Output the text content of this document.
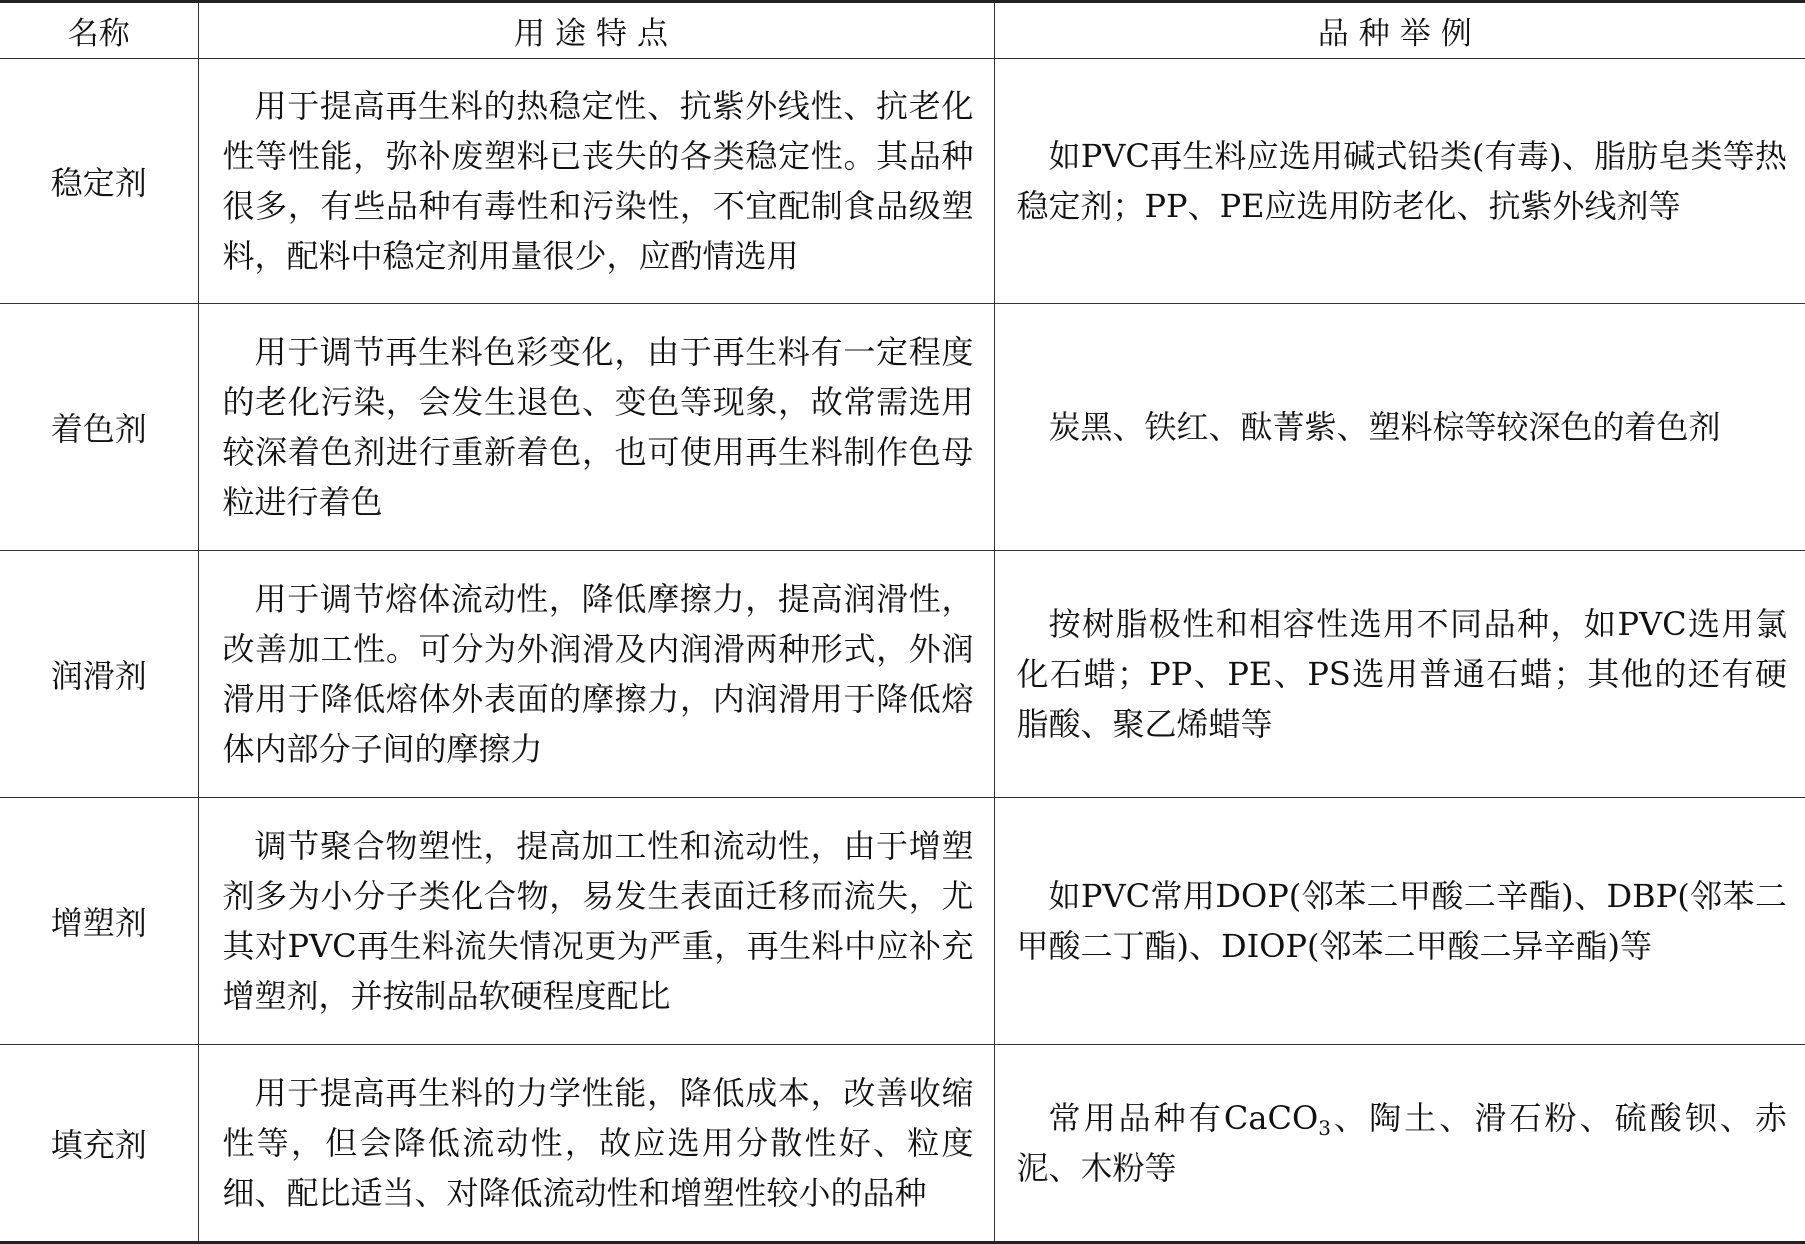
名称	用途特点	品种举例
稳定剂	用于提高再生料的热稳定性、抗紫外线性、抗老化性等性能，弥补废塑料已丧失的各类稳定性。其品种很多，有些品种有毒性和污染性，不宜配制食品级塑料，配料中稳定剂用量很少，应酌情选用	如PVC再生料应选用碱式铅类(有毒)、脂肪皂类等热稳定剂；PP、PE应选用防老化、抗紫外线剂等
着色剂	用于调节再生料色彩变化，由于再生料有一定程度的老化污染，会发生退色、变色等现象，故常需选用较深着色剂进行重新着色，也可使用再生料制作色母粒进行着色	炭黑、铁红、酞菁紫、塑料棕等较深色的着色剂
润滑剂	用于调节熔体流动性，降低摩擦力，提高润滑性，改善加工性。可分为外润滑及内润滑两种形式，外润滑用于降低熔体外表面的摩擦力，内润滑用于降低熔体内部分子间的摩擦力	按树脂极性和相容性选用不同品种，如PVC选用氯化石蜡；PP、PE、PS选用普通石蜡；其他的还有硬脂酸、聚乙烯蜡等
增塑剂	调节聚合物塑性，提高加工性和流动性，由于增塑剂多为小分子类化合物，易发生表面迁移而流失，尤其对PVC再生料流失情况更为严重，再生料中应补充增塑剂，并按制品软硬程度配比	如PVC常用DOP(邻苯二甲酸二辛酯)、DBP(邻苯二甲酸二丁酯)、DIOP(邻苯二甲酸二异辛酯)等
填充剂	用于提高再生料的力学性能，降低成本，改善收缩性等，但会降低流动性，故应选用分散性好、粒度细、配比适当、对降低流动性和增塑性较小的品种	常用品种有CaCO$_3$、陶土、滑石粉、硫酸钡、赤泥、木粉等
